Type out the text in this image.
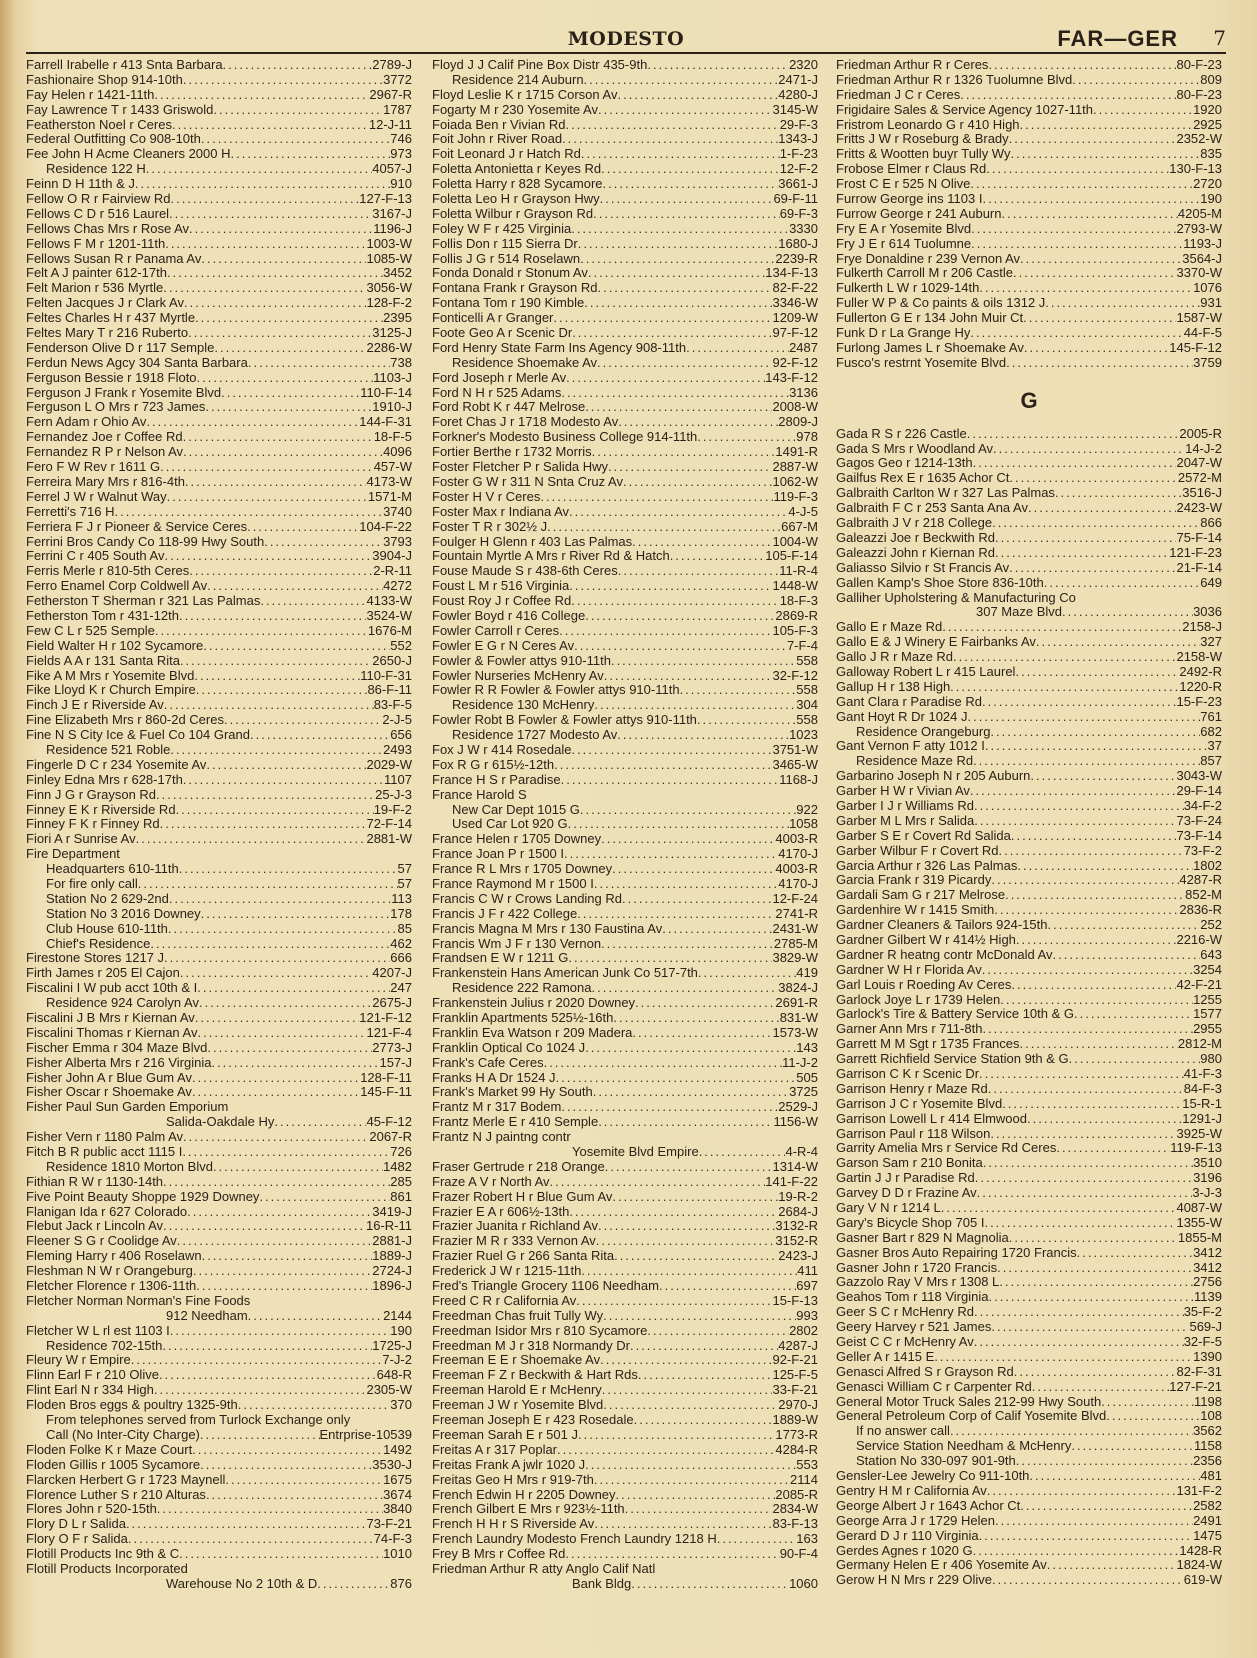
MODESTO	FAR—GER 7
Farrell Irabelle r 413 Snta Barbara .....	2789-J
Fashionaire Shop 914-10th .....	3772
Fay Helen r 1421-11th .....	2967-R
Fay Lawrence T r 1433 Griswold .....	1787
Featherston Noel r Ceres .....	12-J-11
Federal Outfitting Co 908-10th .....	746
Fee John H Acme Cleaners 2000 H .....	973
Residence 122 H .....	4057-J
Feinn D H 11th & J .....	910
Fellow O R r Fairview Rd .....	127-F-13
Fellows C D r 516 Laurel .....	3167-J
Fellows Chas Mrs r Rose Av .....	1196-J
Fellows F M r 1201-11th .....	1003-W
Fellows Susan R r Panama Av .....	1085-W
Felt A J painter 612-17th .....	3452
Felt Marion r 536 Myrtle .....	3056-W
Felten Jacques J r Clark Av .....	128-F-2
Feltes Charles H r 437 Myrtle .....	2395
Feltes Mary T r 216 Ruberto .....	3125-J
Fenderson Olive D r 117 Semple .....	2286-W
Ferdun News Agcy 304 Santa Barbara .....	738
Ferguson Bessie r 1918 Floto .....	1103-J
Ferguson J Frank r Yosemite Blvd .....	110-F-14
Ferguson L O Mrs r 723 James .....	1910-J
Fern Adam r Ohio Av .....	144-F-31
Fernandez Joe r Coffee Rd .....	18-F-5
Fernandez R P r Nelson Av .....	4096
Fero F W Rev r 1611 G .....	457-W
Ferreira Mary Mrs r 816-4th .....	4173-W
Ferrel J W r Walnut Way .....	1571-M
Ferretti's 716 H .....	3740
Ferriera F J r Pioneer & Service Ceres .....	104-F-22
Ferrini Bros Candy Co 118-99 Hwy South .....	3793
Ferrini C r 405 South Av .....	3904-J
Ferris Merle r 810-5th Ceres .....	2-R-11
Ferro Enamel Corp Coldwell Av .....	4272
Fetherston T Sherman r 321 Las Palmas .....	4133-W
Fetherston Tom r 431-12th .....	3524-W
Few C L r 525 Semple .....	1676-M
Field Walter H r 102 Sycamore .....	552
Fields A A r 131 Santa Rita .....	2650-J
Fike A M Mrs r Yosemite Blvd .....	110-F-31
Fike Lloyd K r Church Empire .....	86-F-11
Finch J E r Riverside Av .....	83-F-5
Fine Elizabeth Mrs r 860-2d Ceres .....	2-J-5
Fine N S City Ice & Fuel Co 104 Grand .....	656
Residence 521 Roble .....	2493
Fingerle D C r 234 Yosemite Av .....	2029-W
Finley Edna Mrs r 628-17th .....	1107
Finn J G r Grayson Rd .....	25-J-3
Finney E K r Riverside Rd .....	19-F-2
Finney F K r Finney Rd .....	72-F-14
Fiori A r Sunrise Av .....	2881-W
Fire Department
Headquarters 610-11th .....	57
For fire only call .....	57
Station No 2 629-2nd .....	113
Station No 3 2016 Downey .....	178
Club House 610-11th .....	85
Chief's Residence .....	462
Firestone Stores 1217 J .....	666
Firth James r 205 El Cajon .....	4207-J
Fiscalini I W pub acct 10th & I .....	247
Residence 924 Carolyn Av .....	2675-J
Fiscalini J B Mrs r Kiernan Av .....	121-F-12
Fiscalini Thomas r Kiernan Av .....	121-F-4
Fischer Emma r 304 Maze Blvd .....	2773-J
Fisher Alberta Mrs r 216 Virginia .....	157-J
Fisher John A r Blue Gum Av .....	128-F-11
Fisher Oscar r Shoemake Av .....	145-F-11
Fisher Paul Sun Garden Emporium
Salida-Oakdale Hy .....	45-F-12
Fisher Vern r 1180 Palm Av .....	2067-R
Fitch B R public acct 1115 I .....	726
Residence 1810 Morton Blvd .....	1482
Fithian R W r 1130-14th .....	285
Five Point Beauty Shoppe 1929 Downey .....	861
Flanigan Ida r 627 Colorado .....	3419-J
Flebut Jack r Lincoln Av .....	16-R-11
Fleener S G r Coolidge Av .....	2881-J
Fleming Harry r 406 Roselawn .....	1889-J
Fleshman N W r Orangeburg .....	2724-J
Fletcher Florence r 1306-11th .....	1896-J
Fletcher Norman Norman's Fine Foods
912 Needham .....	2144
Fletcher W L rl est 1103 I .....	190
Residence 702-15th .....	1725-J
Fleury W r Empire .....	7-J-2
Flinn Earl F r 210 Olive .....	648-R
Flint Earl N r 334 High .....	2305-W
Floden Bros eggs & poultry 1325-9th .....	370
From telephones served from Turlock Exchange only
Call (No Inter-City Charge) .....	Entrprise-10539
Floden Folke K r Maze Court .....	1492
Floden Gillis r 1005 Sycamore .....	3530-J
Flarcken Herbert G r 1723 Maynell .....	1675
Florence Luther S r 210 Alturas .....	3674
Flores John r 520-15th .....	3840
Flory D L r Salida .....	73-F-21
Flory O F r Salida .....	74-F-3
Flotill Products Inc 9th & C .....	1010
Flotill Products Incorporated
Warehouse No 2 10th & D .....	876
Floyd J J Calif Pine Box Distr 435-9th .....	2320
Residence 214 Auburn .....	2471-J
Floyd Leslie K r 1715 Corson Av .....	4280-J
Fogarty M r 230 Yosemite Av .....	3145-W
Foiada Ben r Vivian Rd .....	29-F-3
Foit John r River Road .....	1343-J
Foit Leonard J r Hatch Rd .....	1-F-23
Foletta Antonietta r Keyes Rd .....	12-F-2
Foletta Harry r 828 Sycamore .....	3661-J
Foletta Leo H r Grayson Hwy .....	69-F-11
Foletta Wilbur r Grayson Rd .....	69-F-3
Foley W F r 425 Virginia .....	3330
Follis Don r 115 Sierra Dr .....	1680-J
Follis J G r 514 Roselawn .....	2239-R
Fonda Donald r Stonum Av .....	134-F-13
Fontana Frank r Grayson Rd .....	82-F-22
Fontana Tom r 190 Kimble .....	3346-W
Fonticelli A r Granger .....	1209-W
Foote Geo A r Scenic Dr .....	97-F-12
Ford Henry State Farm Ins Agency 908-11th .....	2487
Residence Shoemake Av .....	92-F-12
Ford Joseph r Merle Av .....	143-F-12
Ford N H r 525 Adams .....	3136
Ford Robt K r 447 Melrose .....	2008-W
Foret Chas J r 1718 Modesto Av .....	2809-J
Forkner's Modesto Business College 914-11th .....	978
Fortier Berthe r 1732 Morris .....	1491-R
Foster Fletcher P r Salida Hwy .....	2887-W
Foster G W r 311 N Snta Cruz Av .....	1062-W
Foster H V r Ceres .....	119-F-3
Foster Max r Indiana Av .....	4-J-5
Foster T R r 302½ J .....	667-M
Foulger H Glenn r 403 Las Palmas .....	1004-W
Fountain Myrtle A Mrs r River Rd & Hatch .....	105-F-14
Fouse Maude S r 438-6th Ceres .....	11-R-4
Foust L M r 516 Virginia .....	1448-W
Foust Roy J r Coffee Rd .....	18-F-3
Fowler Boyd r 416 College .....	2869-R
Fowler Carroll r Ceres .....	105-F-3
Fowler E G r N Ceres Av .....	7-F-4
Fowler & Fowler attys 910-11th .....	558
Fowler Nurseries McHenry Av .....	32-F-12
Fowler R R Fowler & Fowler attys 910-11th .....	558
Residence 130 McHenry .....	304
Fowler Robt B Fowler & Fowler attys 910-11th .....	558
Residence 1727 Modesto Av .....	1023
Fox J W r 414 Rosedale .....	3751-W
Fox R G r 615½-12th .....	3465-W
France H S r Paradise .....	1168-J
France Harold S
New Car Dept 1015 G .....	922
Used Car Lot 920 G .....	1058
France Helen r 1705 Downey .....	4003-R
France Joan P r 1500 I .....	4170-J
France R L Mrs r 1705 Downey .....	4003-R
France Raymond M r 1500 I .....	4170-J
Francis C W r Crows Landing Rd .....	12-F-24
Francis J F r 422 College .....	2741-R
Francis Magna M Mrs r 130 Faustina Av .....	2431-W
Francis Wm J F r 130 Vernon .....	2785-M
Frandsen E W r 1211 G .....	3829-W
Frankenstein Hans American Junk Co 517-7th .....	419
Residence 222 Ramona .....	3824-J
Frankenstein Julius r 2020 Downey .....	2691-R
Franklin Apartments 525½-16th .....	831-W
Franklin Eva Watson r 209 Madera .....	1573-W
Franklin Optical Co 1024 J .....	143
Frank's Cafe Ceres .....	11-J-2
Franks H A Dr 1524 J .....	505
Frank's Market 99 Hy South .....	3725
Frantz M r 317 Bodem .....	2529-J
Frantz Merle E r 410 Semple .....	1156-W
Frantz N J paintng contr
Yosemite Blvd Empire .....	4-R-4
Fraser Gertrude r 218 Orange .....	1314-W
Fraze A V r North Av .....	141-F-22
Frazer Robert H r Blue Gum Av .....	19-R-2
Frazier E A r 606½-13th .....	2684-J
Frazier Juanita r Richland Av .....	3132-R
Frazier M R r 333 Vernon Av .....	3152-R
Frazier Ruel G r 266 Santa Rita .....	2423-J
Frederick J W r 1215-11th .....	411
Fred's Triangle Grocery 1106 Needham .....	697
Freed C R r California Av .....	15-F-13
Freedman Chas fruit Tully Wy .....	993
Freedman Isidor Mrs r 810 Sycamore .....	2802
Freedman M J r 318 Normandy Dr .....	4287-J
Freeman E E r Shoemake Av .....	92-F-21
Freeman F Z r Beckwith & Hart Rds .....	125-F-5
Freeman Harold E r McHenry .....	33-F-21
Freeman J W r Yosemite Blvd .....	2970-J
Freeman Joseph E r 423 Rosedale .....	1889-W
Freeman Sarah E r 501 J .....	1773-R
Freitas A r 317 Poplar .....	4284-R
Freitas Frank A jwlr 1020 J .....	553
Freitas Geo H Mrs r 919-7th .....	2114
French Edwin H r 2205 Downey .....	2085-R
French Gilbert E Mrs r 923½-11th .....	2834-W
French H H r S Riverside Av .....	83-F-13
French Laundry Modesto French Laundry 1218 H .....	163
Frey B Mrs r Coffee Rd .....	90-F-4
Friedman Arthur R atty Anglo Calif Natl
Bank Bldg .....	1060
Friedman Arthur R r Ceres .....	80-F-23
Friedman Arthur R r 1326 Tuolumne Blvd .....	809
Friedman J C r Ceres .....	80-F-23
Frigidaire Sales & Service Agency 1027-11th .....	1920
Fristrom Leonardo G r 410 High .....	2925
Fritts J W r Roseburg & Brady .....	2352-W
Fritts & Wootten buyr Tully Wy .....	835
Frobose Elmer r Claus Rd .....	130-F-13
Frost C E r 525 N Olive .....	2720
Furrow George ins 1103 I .....	190
Furrow George r 241 Auburn .....	4205-M
Fry E A r Yosemite Blvd .....	2793-W
Fry J E r 614 Tuolumne .....	1193-J
Frye Donaldine r 239 Vernon Av .....	3564-J
Fulkerth Carroll M r 206 Castle .....	3370-W
Fulkerth L W r 1029-14th .....	1076
Fuller W P & Co paints & oils 1312 J .....	931
Fullerton G E r 134 John Muir Ct .....	1587-W
Funk D r La Grange Hy .....	44-F-5
Furlong James L r Shoemake Av .....	145-F-12
Fusco's restrnt Yosemite Blvd .....	3759
G
Gada R S r 226 Castle .....	2005-R
Gada S Mrs r Woodland Av .....	14-J-2
Gagos Geo r 1214-13th .....	2047-W
Gailfus Rex E r 1635 Achor Ct .....	2572-M
Galbraith Carlton W r 327 Las Palmas .....	3516-J
Galbraith F C r 253 Santa Ana Av .....	2423-W
Galbraith J V r 218 College .....	866
Galeazzi Joe r Beckwith Rd .....	75-F-14
Galeazzi John r Kiernan Rd .....	121-F-23
Galiasso Silvio r St Francis Av .....	21-F-14
Gallen Kamp's Shoe Store 836-10th .....	649
Galliher Upholstering & Manufacturing Co
307 Maze Blvd .....	3036
Gallo E r Maze Rd .....	2158-J
Gallo E & J Winery E Fairbanks Av .....	327
Gallo J R r Maze Rd .....	2158-W
Galloway Robert L r 415 Laurel .....	2492-R
Gallup H r 138 High .....	1220-R
Gant Clara r Paradise Rd .....	15-F-23
Gant Hoyt R Dr 1024 J .....	761
Residence Orangeburg .....	682
Gant Vernon F atty 1012 I .....	37
Residence Maze Rd .....	857
Garbarino Joseph N r 205 Auburn .....	3043-W
Garber H W r Vivian Av .....	29-F-14
Garber I J r Williams Rd .....	34-F-2
Garber M L Mrs r Salida .....	73-F-24
Garber S E r Covert Rd Salida .....	73-F-14
Garber Wilbur F r Covert Rd .....	73-F-2
Garcia Arthur r 326 Las Palmas .....	1802
Garcia Frank r 319 Picardy .....	4287-R
Gardali Sam G r 217 Melrose .....	852-M
Gardenhire W r 1415 Smith .....	2836-R
Gardner Cleaners & Tailors 924-15th .....	252
Gardner Gilbert W r 414½ High .....	2216-W
Gardner R heatng contr McDonald Av .....	643
Gardner W H r Florida Av .....	3254
Garl Louis r Roeding Av Ceres .....	42-F-21
Garlock Joye L r 1739 Helen .....	1255
Garlock's Tire & Battery Service 10th & G .....	1577
Garner Ann Mrs r 711-8th .....	2955
Garrett M M Sgt r 1735 Frances .....	2812-M
Garrett Richfield Service Station 9th & G .....	980
Garrison C K r Scenic Dr .....	41-F-3
Garrison Henry r Maze Rd .....	84-F-3
Garrison J C r Yosemite Blvd .....	15-R-1
Garrison Lowell L r 414 Elmwood .....	1291-J
Garrison Paul r 118 Wilson .....	3925-W
Garrity Amelia Mrs r Service Rd Ceres .....	119-F-13
Garson Sam r 210 Bonita .....	3510
Gartin J J r Paradise Rd .....	3196
Garvey D D r Frazine Av .....	3-J-3
Gary V N r 1214 L .....	4087-W
Gary's Bicycle Shop 705 I .....	1355-W
Gasner Bart r 829 N Magnolia .....	1855-M
Gasner Bros Auto Repairing 1720 Francis .....	3412
Gasner John r 1720 Francis .....	3412
Gazzolo Ray V Mrs r 1308 L .....	2756
Geahos Tom r 118 Virginia .....	1139
Geer S C r McHenry Rd .....	35-F-2
Geery Harvey r 521 James .....	569-J
Geist C C r McHenry Av .....	32-F-5
Geller A r 1415 E .....	1390
Genasci Alfred S r Grayson Rd .....	82-F-31
Genasci William C r Carpenter Rd .....	127-F-21
General Motor Truck Sales 212-99 Hwy South .....	1198
General Petroleum Corp of Calif Yosemite Blvd .....	108
If no answer call .....	3562
Service Station Needham & McHenry .....	1158
Station No 330-097 901-9th .....	2356
Gensler-Lee Jewelry Co 911-10th .....	481
Gentry H M r California Av .....	131-F-2
George Albert J r 1643 Achor Ct .....	2582
George Arra J r 1729 Helen .....	2491
Gerard D J r 110 Virginia .....	1475
Gerdes Agnes r 1020 G .....	1428-R
Germany Helen E r 406 Yosemite Av .....	1824-W
Gerow H N Mrs r 229 Olive .....	619-W
